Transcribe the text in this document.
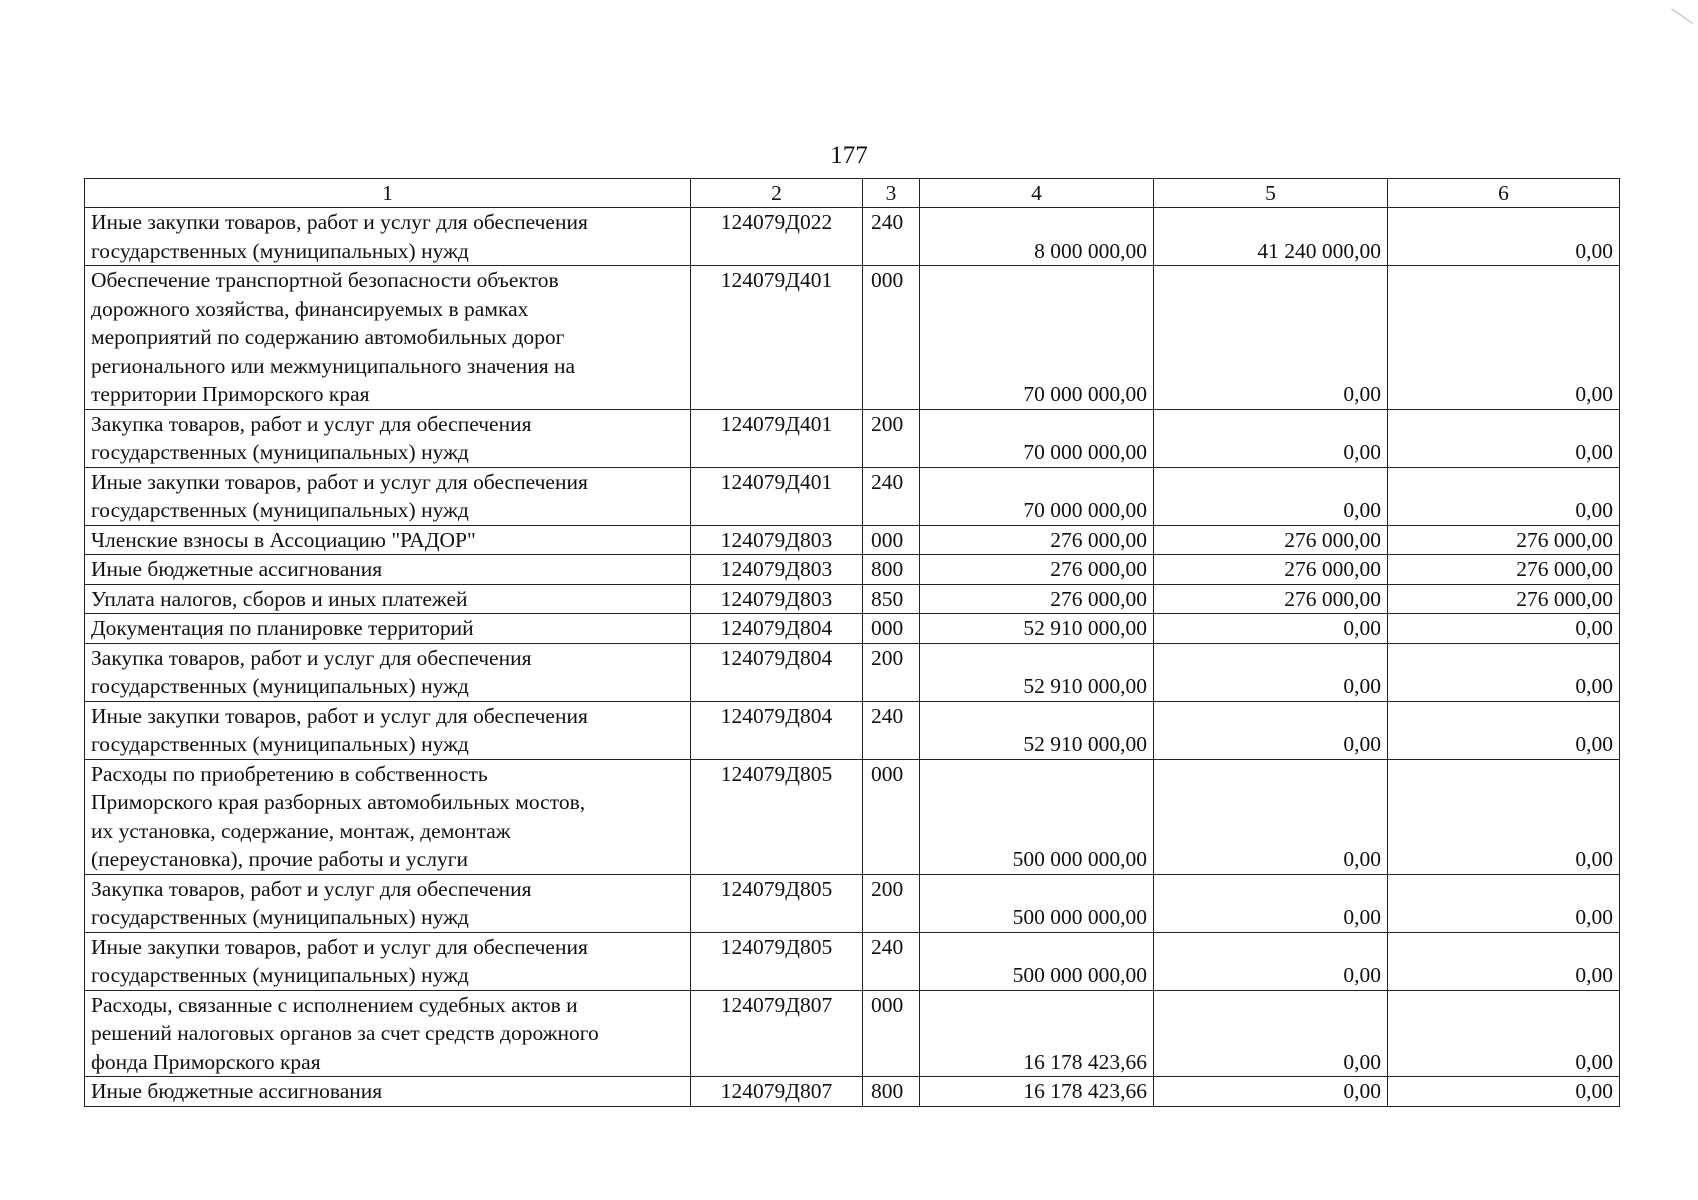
177
1	2	3	4	5	6
Иные закупки товаров, работ и услуг для обеспечения
государственных (муниципальных) нужд	124079Д022	240	8 000 000,00	41 240 000,00	0,00
Обеспечение транспортной безопасности объектов
дорожного хозяйства, финансируемых в рамках
мероприятий по содержанию автомобильных дорог
регионального или межмуниципального значения на
территории Приморского края	124079Д401	000	70 000 000,00	0,00	0,00
Закупка товаров, работ и услуг для обеспечения
государственных (муниципальных) нужд	124079Д401	200	70 000 000,00	0,00	0,00
Иные закупки товаров, работ и услуг для обеспечения
государственных (муниципальных) нужд	124079Д401	240	70 000 000,00	0,00	0,00
Членские взносы в Ассоциацию "РАДОР"	124079Д803	000	276 000,00	276 000,00	276 000,00
Иные бюджетные ассигнования	124079Д803	800	276 000,00	276 000,00	276 000,00
Уплата налогов, сборов и иных платежей	124079Д803	850	276 000,00	276 000,00	276 000,00
Документация по планировке территорий	124079Д804	000	52 910 000,00	0,00	0,00
Закупка товаров, работ и услуг для обеспечения
государственных (муниципальных) нужд	124079Д804	200	52 910 000,00	0,00	0,00
Иные закупки товаров, работ и услуг для обеспечения
государственных (муниципальных) нужд	124079Д804	240	52 910 000,00	0,00	0,00
Расходы по приобретению в собственность
Приморского края разборных автомобильных мостов,
их установка, содержание, монтаж, демонтаж
(переустановка), прочие работы и услуги	124079Д805	000	500 000 000,00	0,00	0,00
Закупка товаров, работ и услуг для обеспечения
государственных (муниципальных) нужд	124079Д805	200	500 000 000,00	0,00	0,00
Иные закупки товаров, работ и услуг для обеспечения
государственных (муниципальных) нужд	124079Д805	240	500 000 000,00	0,00	0,00
Расходы, связанные с исполнением судебных актов и
решений налоговых органов за счет средств дорожного
фонда Приморского края	124079Д807	000	16 178 423,66	0,00	0,00
Иные бюджетные ассигнования	124079Д807	800	16 178 423,66	0,00	0,00
